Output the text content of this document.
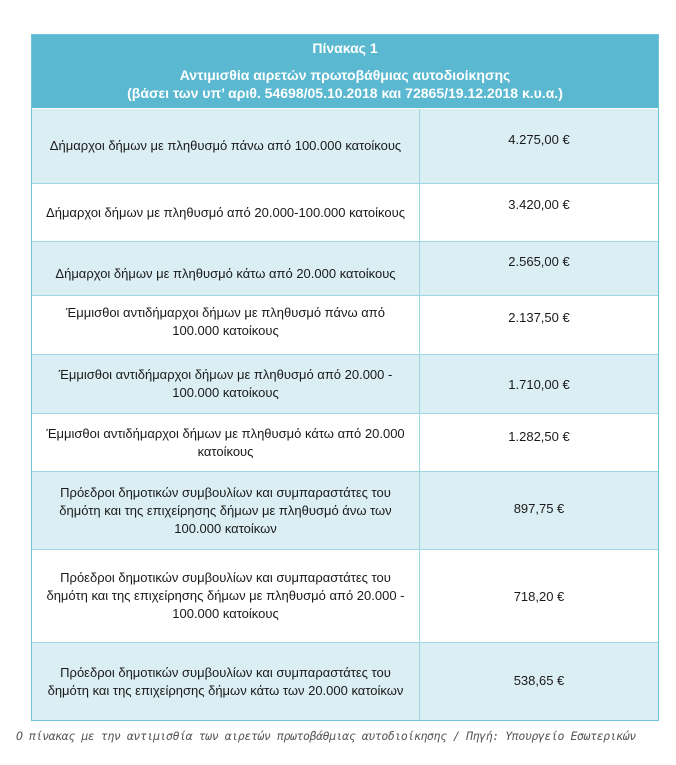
Πίνακας 1
Αντιμισθία αιρετών πρωτοβάθμιας αυτοδιοίκησης
(βάσει των υπ’ αριθ. 54698/05.10.2018 και 72865/19.12.2018 κ.υ.α.)
Δήμαρχοι δήμων με πληθυσμό πάνω από 100.000 κατοίκους	4.275,00 €
Δήμαρχοι δήμων με πληθυσμό από 20.000-100.000 κατοίκους	3.420,00 €
Δήμαρχοι δήμων με πληθυσμό κάτω από 20.000 κατοίκους
2.565,00 €
Έμμισθοι αντιδήμαρχοι δήμων με πληθυσμό πάνω από 100.000 κατοίκους
2.137,50 €
Έμμισθοι αντιδήμαρχοι δήμων με πληθυσμό από 20.000 - 100.000 κατοίκους
1.710,00 €
Έμμισθοι αντιδήμαρχοι δήμων με πληθυσμό κάτω από 20.000 κατοίκους
1.282,50 €
Πρόεδροι δημοτικών συμβουλίων και συμπαραστάτες του δημότη και της επιχείρησης δήμων με πληθυσμό άνω των 100.000 κατοίκων
897,75 €
Πρόεδροι δημοτικών συμβουλίων και συμπαραστάτες του δημότη και της επιχείρησης δήμων με πληθυσμό από 20.000 - 100.000 κατοίκους
718,20 €
Πρόεδροι δημοτικών συμβουλίων και συμπαραστάτες του δημότη και της επιχείρησης δήμων κάτω των 20.000 κατοίκων
538,65 €
Ο πίνακας με την αντιμισθία των αιρετών πρωτοβάθμιας αυτοδιοίκησης / Πηγή: Υπουργείο Εσωτερικών
